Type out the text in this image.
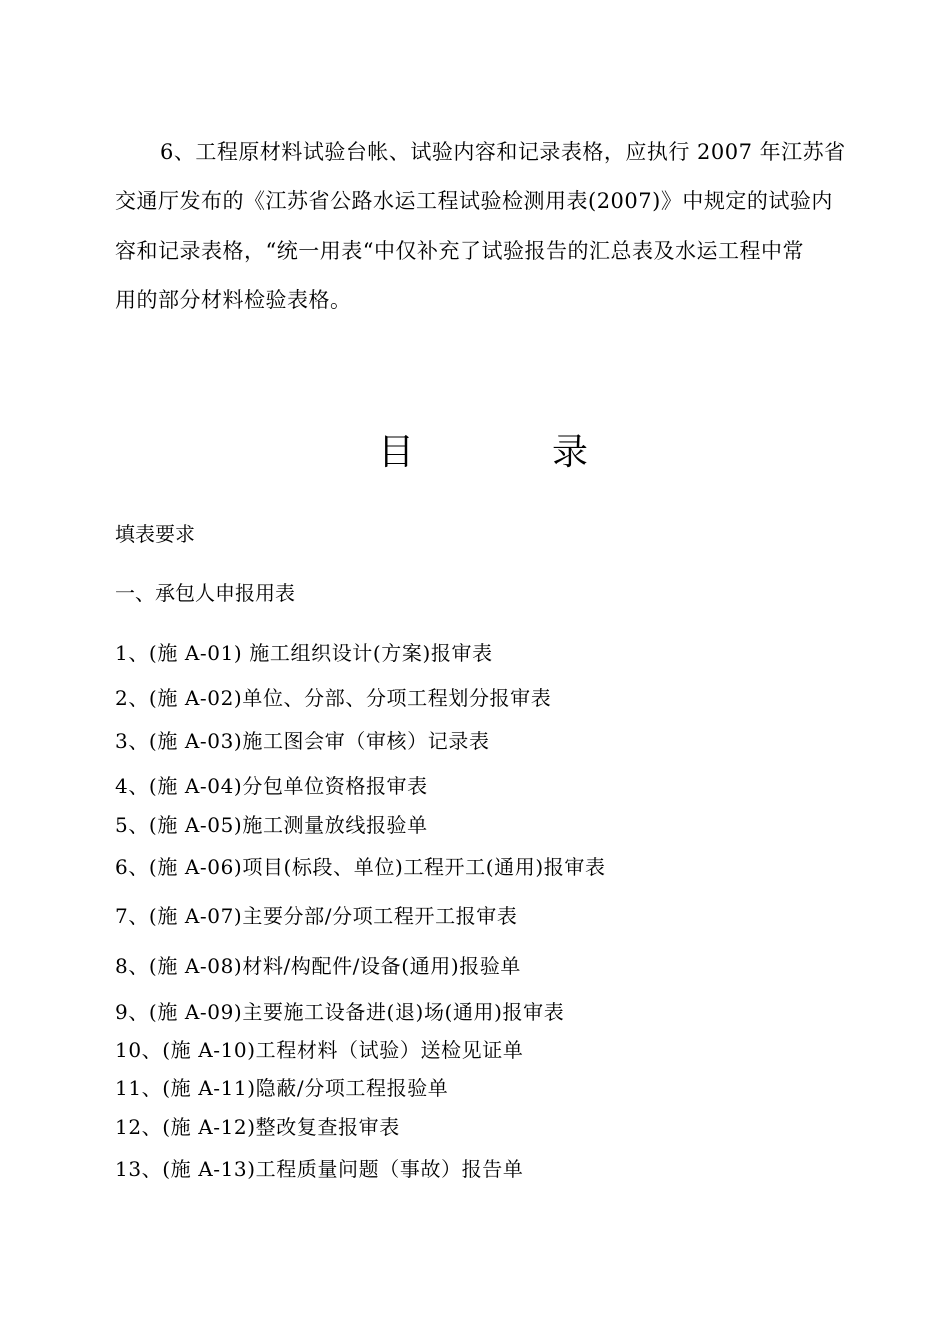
6、工程原材料试验台帐、试验内容和记录表格，应执行 2007 年江苏省
交通厅发布的《江苏省公路水运工程试验检测用表(2007)》中规定的试验内
容和记录表格，“统一用表“中仅补充了试验报告的汇总表及水运工程中常
用的部分材料检验表格。
目	录
填表要求
一、承包人申报用表
1、(施 A-01) 施工组织设计(方案)报审表
2、(施 A-02)单位、分部、分项工程划分报审表
3、(施 A-03)施工图会审（审核）记录表
4、(施 A-04)分包单位资格报审表
5、(施 A-05)施工测量放线报验单
6、(施 A-06)项目(标段、单位)工程开工(通用)报审表
7、(施 A-07)主要分部/分项工程开工报审表
8、(施 A-08)材料/构配件/设备(通用)报验单
9、(施 A-09)主要施工设备进(退)场(通用)报审表
10、(施 A-10)工程材料（试验）送检见证单
11、(施 A-11)隐蔽/分项工程报验单
12、(施 A-12)整改复查报审表
13、(施 A-13)工程质量问题（事故）报告单
